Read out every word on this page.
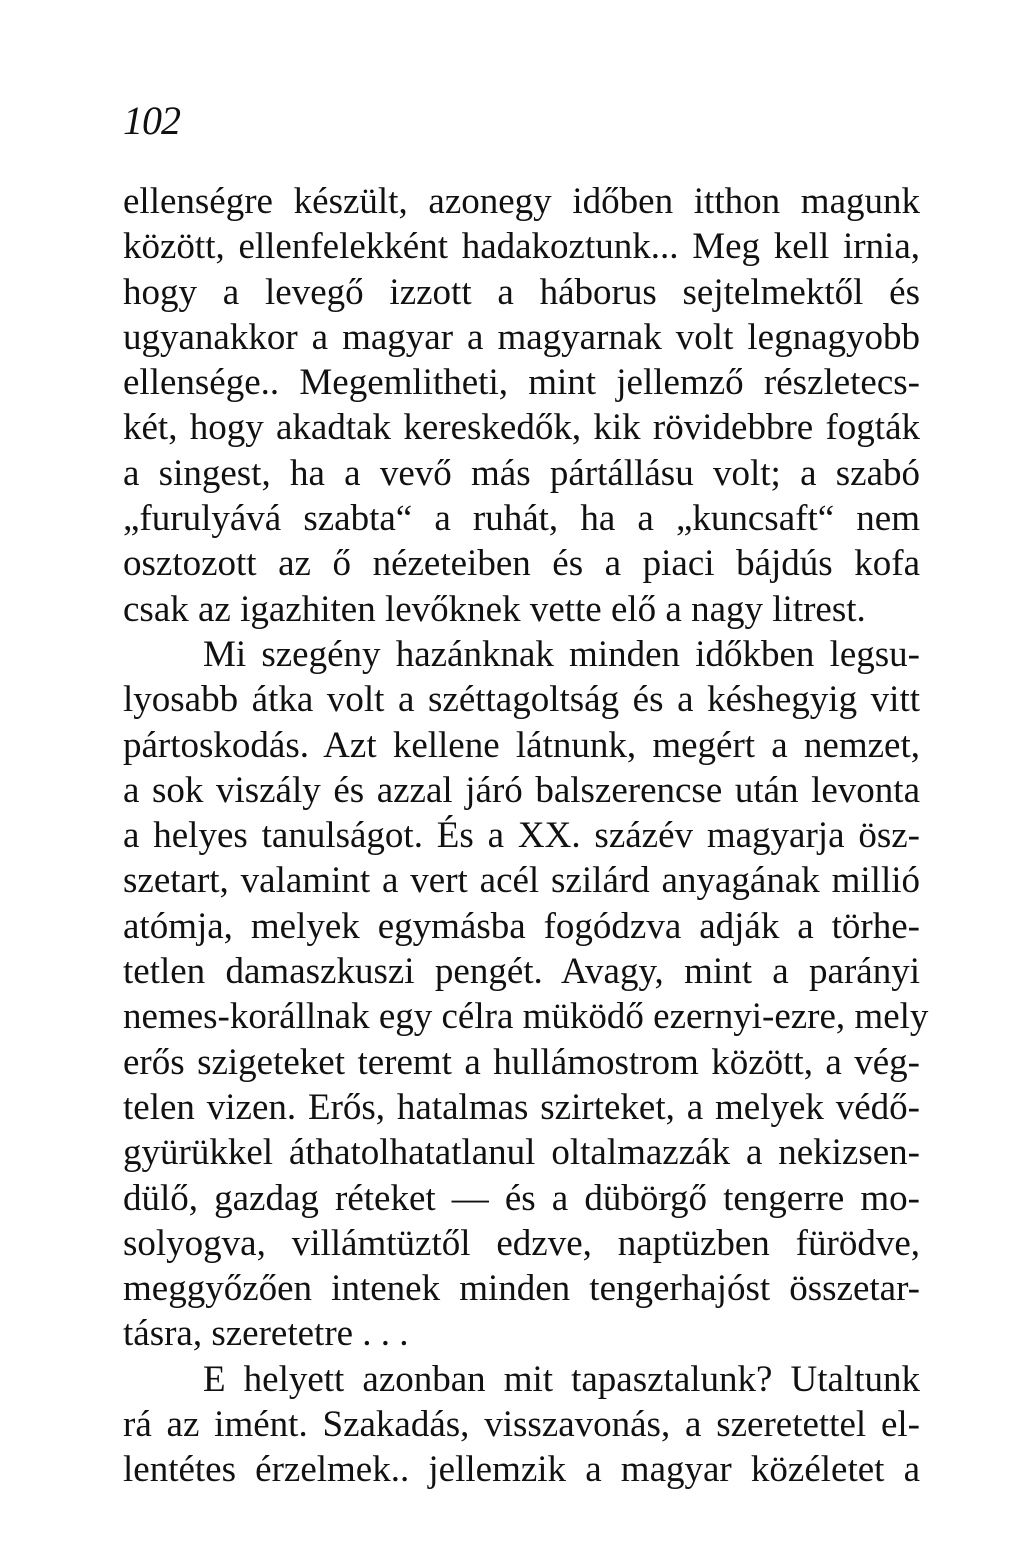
102
ellenségre készült, azonegy időben itthon magunk
között, ellenfelekként hadakoztunk... Meg kell irnia,
hogy a levegő izzott a háborus sejtelmektől és
ugyanakkor a magyar a magyarnak volt legnagyobb
ellensége.. Megemlitheti, mint jellemző részletecs-
két, hogy akadtak kereskedők, kik rövidebbre fogták
a singest, ha a vevő más pártállásu volt; a szabó
„furulyává szabta“ a ruhát, ha a „kuncsaft“ nem
osztozott az ő nézeteiben és a piaci bájdús kofa
csak az igazhiten levőknek vette elő a nagy litrest.
Mi szegény hazánknak minden időkben legsu-
lyosabb átka volt a széttagoltság és a késhegyig vitt
pártoskodás. Azt kellene látnunk, megért a nemzet,
a sok viszály és azzal járó balszerencse után levonta
a helyes tanulságot. És a XX. százév magyarja ösz-
szetart, valamint a vert acél szilárd anyagának millió
atómja, melyek egymásba fogódzva adják a törhe-
tetlen damaszkuszi pengét. Avagy, mint a parányi
nemes-korállnak egy célra müködő ezernyi-ezre, mely
erős szigeteket teremt a hullámostrom között, a vég-
telen vizen. Erős, hatalmas szirteket, a melyek védő-
gyürükkel áthatolhatatlanul oltalmazzák a nekizsen-
dülő, gazdag réteket — és a dübörgő tengerre mo-
solyogva, villámtüztől edzve, naptüzben fürödve,
meggyőzően intenek minden tengerhajóst összetar-
tásra, szeretetre . . .
E helyett azonban mit tapasztalunk? Utaltunk
rá az imént. Szakadás, visszavonás, a szeretettel el-
lentétes érzelmek.. jellemzik a magyar közéletet a
